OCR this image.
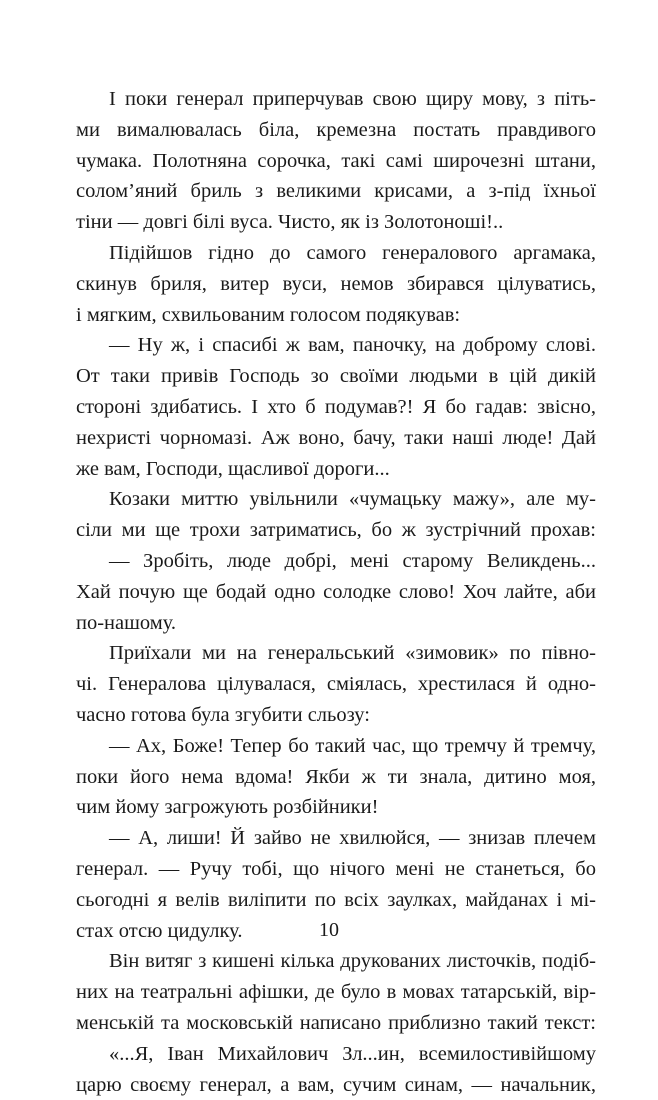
І поки генерал приперчував свою щиру мову, з піть-
ми вималювалась біла, кремезна постать правдивого
чумака. Полотняна сорочка, такі самі широчезні штани,
солом’яний бриль з великими крисами, а з-під їхньої
тіни — довгі білі вуса. Чисто, як із Золотоноші!..
Підійшов гідно до самого генералового аргамака,
скинув бриля, витер вуси, немов збирався цілуватись,
і мягким, схвильованим голосом подякував:
— Ну ж, і спасибі ж вам, паночку, на доброму слові.
От таки привів Господь зо своїми людьми в цій дикій
стороні здибатись. І хто б подумав?! Я бо гадав: звісно,
нехристі чорномазі. Аж воно, бачу, таки наші люде! Дай
же вам, Господи, щасливої дороги...
Козаки миттю увільнили «чумацьку мажу», але му-
сіли ми ще трохи затриматись, бо ж зустрічний прохав:
— Зробіть, люде добрі, мені старому Великдень...
Хай почую ще бодай одно солодке слово! Хоч лайте, аби
по-нашому.
Приїхали ми на генеральський «зимовик» по півно-
чі. Генералова цілувалася, сміялась, хрестилася й одно-
часно готова була згубити сльозу:
— Ах, Боже! Тепер бо такий час, що тремчу й тремчу,
поки його нема вдома! Якби ж ти знала, дитино моя,
чим йому загрожують розбійники!
— А, лиши! Й зайво не хвилюйся, — знизав плечем
генерал. — Ручу тобі, що нічого мені не станеться, бо
сьогодні я велів виліпити по всіх заулках, майданах і мі-
стах отсю цидулку.
Він витяг з кишені кілька друкованих листочків, подіб-
них на театральні афішки, де було в мовах татарській, вір-
менській та московській написано приблизно такий текст:
«...Я, Іван Михайлович Зл...ин, всемилостивійшому
царю своєму генерал, а вам, сучим синам, — начальник,
10
